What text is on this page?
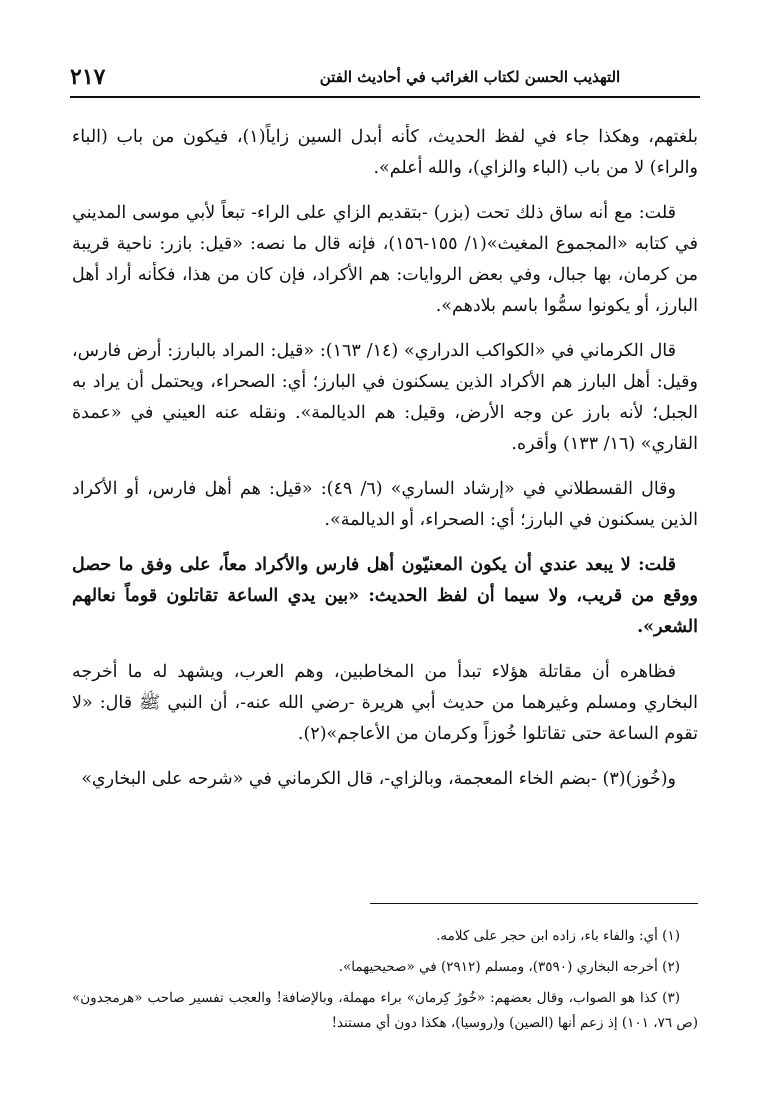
التهذيب الحسن لكتاب الغرائب في أحاديث الفتن
٢١٧

بلغتهم، وهكذا جاء في لفظ الحديث، كأنه أبدل السين زاياً(١)، فيكون من باب (الباء والراء) لا من باب (الباء والزاي)، والله أعلم».

قلت: مع أنه ساق ذلك تحت (بزر) -بتقديم الزاي على الراء- تبعاً لأبي موسى المديني في كتابه «المجموع المغيث»(١/ ١٥٥-١٥٦)، فإنه قال ما نصه: «قيل: بازر: ناحية قريبة من كرمان، بها جبال، وفي بعض الروايات: هم الأكراد، فإن كان من هذا، فكأنه أراد أهل البارز، أو يكونوا سمُّوا باسم بلادهم».

قال الكرماني في «الكواكب الدراري» (١٤/ ١٦٣): «قيل: المراد بالبارز: أرض فارس، وقيل: أهل البارز هم الأكراد الذين يسكنون في البارز؛ أي: الصحراء، ويحتمل أن يراد به الجبل؛ لأنه بارز عن وجه الأرض، وقيل: هم الديالمة». ونقله عنه العيني في «عمدة القاري» (١٦/ ١٣٣) وأقره.

وقال القسطلاني في «إرشاد الساري» (٦/ ٤٩): «قيل: هم أهل فارس، أو الأكراد الذين يسكنون في البارز؛ أي: الصحراء، أو الديالمة».

قلت: لا يبعد عندي أن يكون المعنيّون أهل فارس والأكراد معاً، على وفق ما حصل ووقع من قريب، ولا سيما أن لفظ الحديث: «بين يدي الساعة تقاتلون قوماً نعالهم الشعر».

فظاهره أن مقاتلة هؤلاء تبدأ من المخاطبين، وهم العرب، ويشهد له ما أخرجه البخاري ومسلم وغيرهما من حديث أبي هريرة -رضي الله عنه-، أن النبي ﷺ قال: «لا تقوم الساعة حتى تقاتلوا خُوزاً وكرمان من الأعاجم»(٢).

و(خُوز)(٣) -بضم الخاء المعجمة، وبالزاي-، قال الكرماني في «شرحه على البخاري»

(١) أي: والفاء باء، زاده ابن حجر على كلامه.

(٢) أخرجه البخاري (٣٥٩٠)، ومسلم (٢٩١٢) في «صحيحيهما».

(٣) كذا هو الصواب، وقال بعضهم: «خُورُ كِرمان» براء مهملة، وبالإضافة! والعجب تفسير صاحب «هرمجدون» (ص ٧٦، ١٠١) إذ زعم أنها (الصين) و(روسيا)، هكذا دون أي مستند!
